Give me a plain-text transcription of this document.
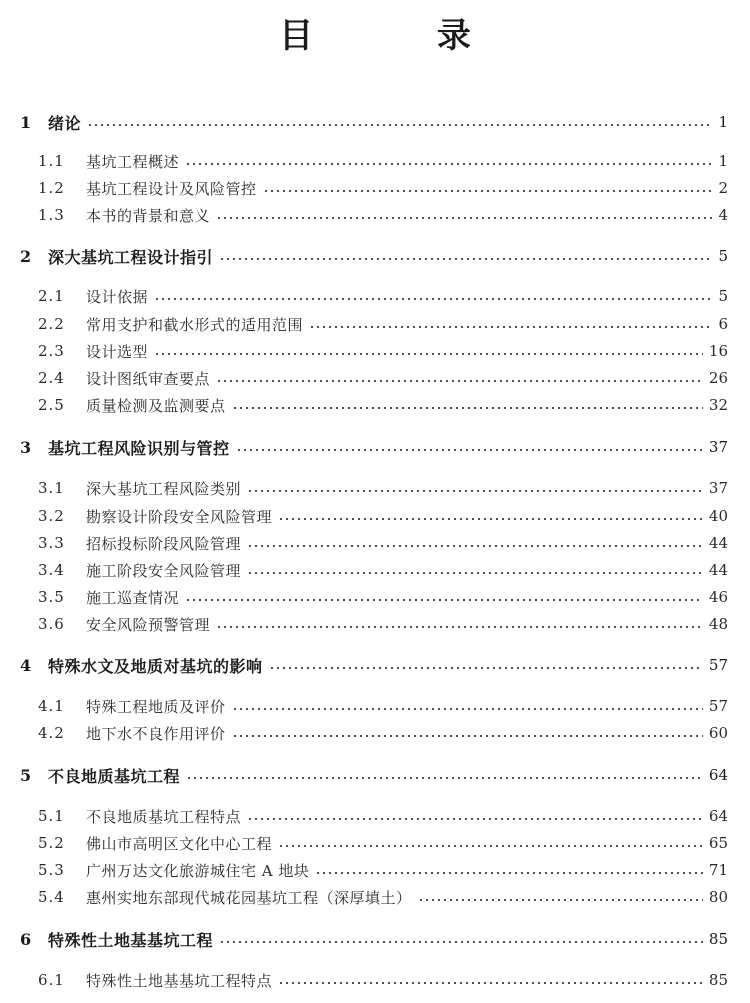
目 录
1	绪论	1
1.1	基坑工程概述	1
1.2	基坑工程设计及风险管控	2
1.3	本书的背景和意义	4
2	深大基坑工程设计指引	5
2.1	设计依据	5
2.2	常用支护和截水形式的适用范围	6
2.3	设计选型	16
2.4	设计图纸审查要点	26
2.5	质量检测及监测要点	32
3	基坑工程风险识别与管控	37
3.1	深大基坑工程风险类别	37
3.2	勘察设计阶段安全风险管理	40
3.3	招标投标阶段风险管理	44
3.4	施工阶段安全风险管理	44
3.5	施工巡查情况	46
3.6	安全风险预警管理	48
4	特殊水文及地质对基坑的影响	57
4.1	特殊工程地质及评价	57
4.2	地下水不良作用评价	60
5	不良地质基坑工程	64
5.1	不良地质基坑工程特点	64
5.2	佛山市高明区文化中心工程	65
5.3	广州万达文化旅游城住宅 A 地块	71
5.4	惠州实地东部现代城花园基坑工程（深厚填土）	80
6	特殊性土地基基坑工程	85
6.1	特殊性土地基基坑工程特点	85
